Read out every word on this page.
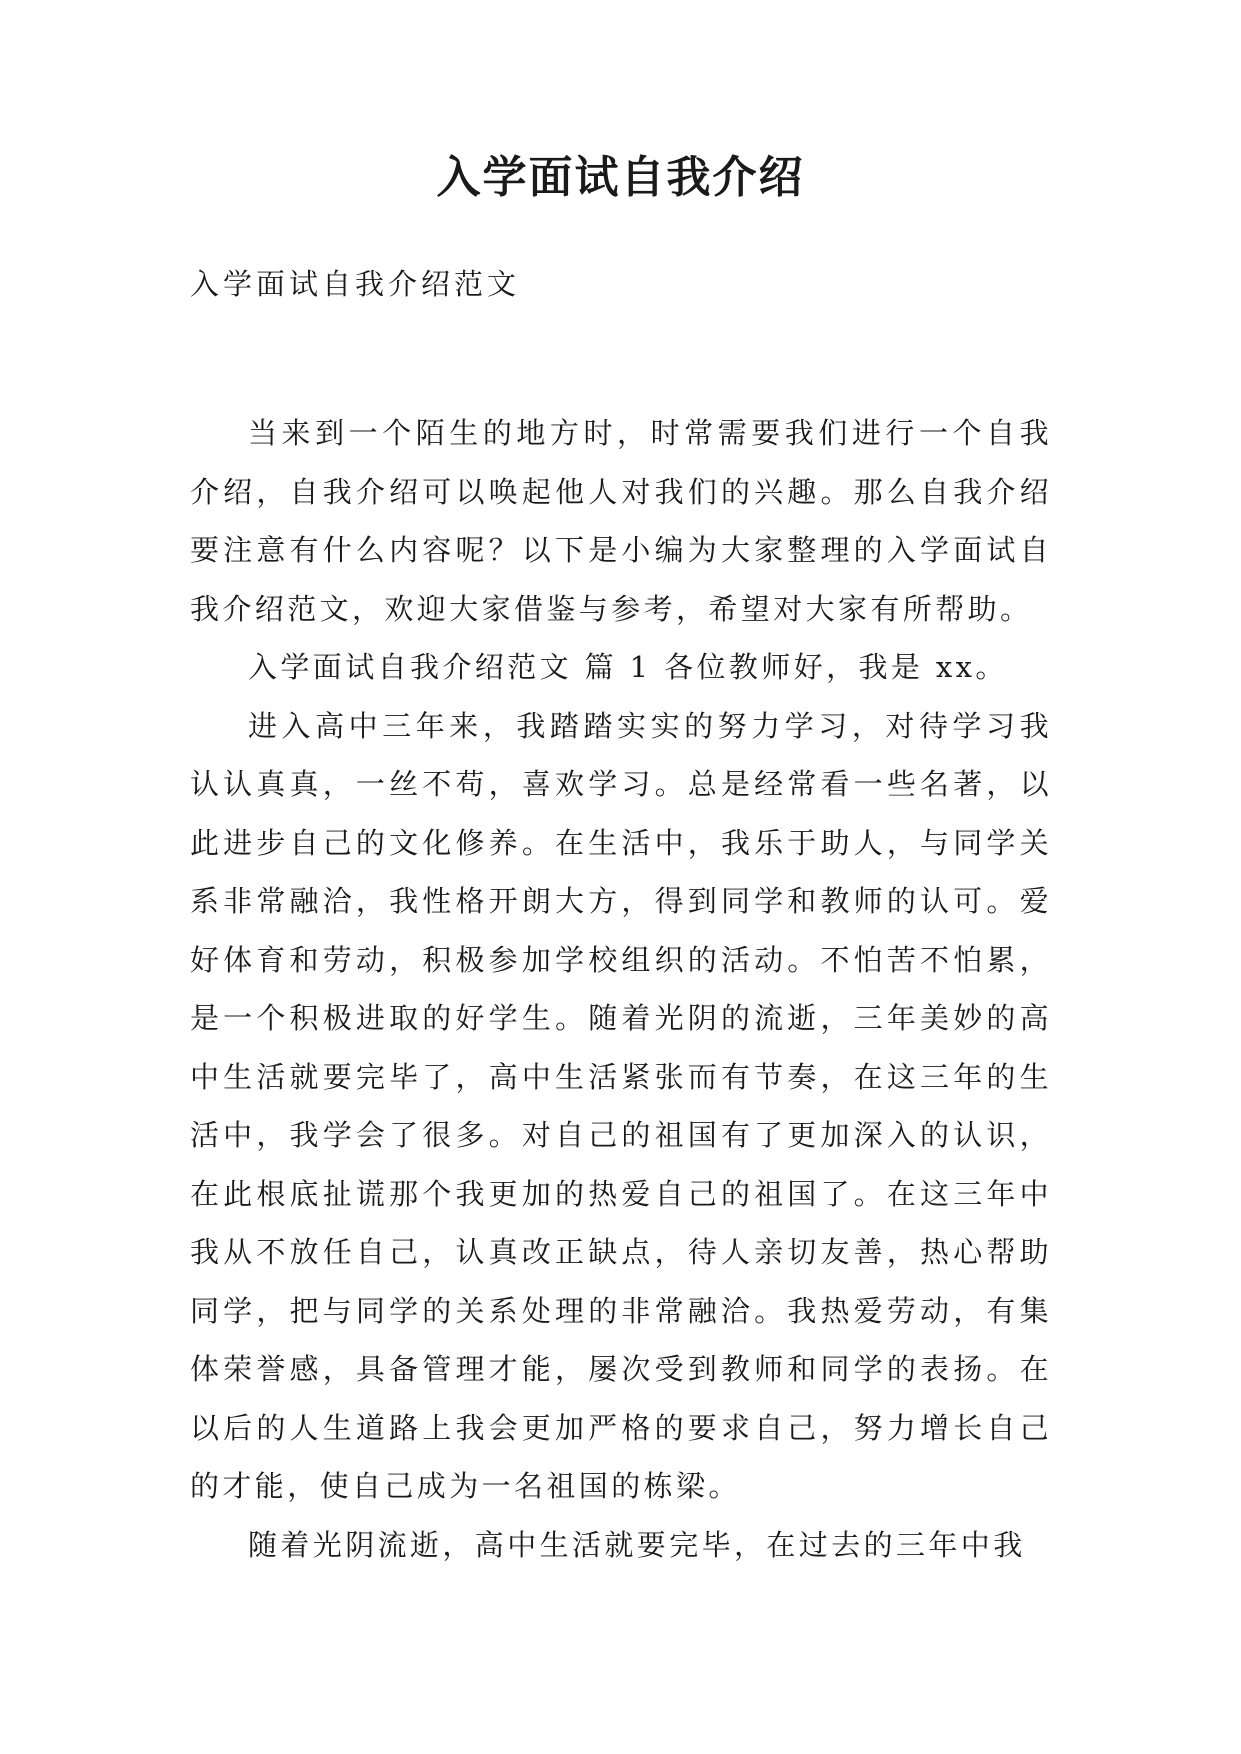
入学面试自我介绍
入学面试自我介绍范文

当来到一个陌生的地方时，时常需要我们进行一个自我介绍，自我介绍可以唤起他人对我们的兴趣。那么自我介绍要注意有什么内容呢？以下是小编为大家整理的入学面试自我介绍范文，欢迎大家借鉴与参考，希望对大家有所帮助。

入学面试自我介绍范文 篇 1 各位教师好，我是 xx。

进入高中三年来，我踏踏实实的努力学习，对待学习我认认真真，一丝不苟，喜欢学习。总是经常看一些名著，以此进步自己的文化修养。在生活中，我乐于助人，与同学关系非常融洽，我性格开朗大方，得到同学和教师的认可。爱好体育和劳动，积极参加学校组织的活动。不怕苦不怕累，是一个积极进取的好学生。随着光阴的流逝，三年美妙的高中生活就要完毕了，高中生活紧张而有节奏，在这三年的生活中，我学会了很多。对自己的祖国有了更加深入的认识，在此根底扯谎那个我更加的热爱自己的祖国了。在这三年中我从不放任自己，认真改正缺点，待人亲切友善，热心帮助同学，把与同学的关系处理的非常融洽。我热爱劳动，有集体荣誉感，具备管理才能，屡次受到教师和同学的表扬。在以后的人生道路上我会更加严格的要求自己，努力增长自己的才能，使自己成为一名祖国的栋梁。

随着光阴流逝，高中生活就要完毕，在过去的三年中我
